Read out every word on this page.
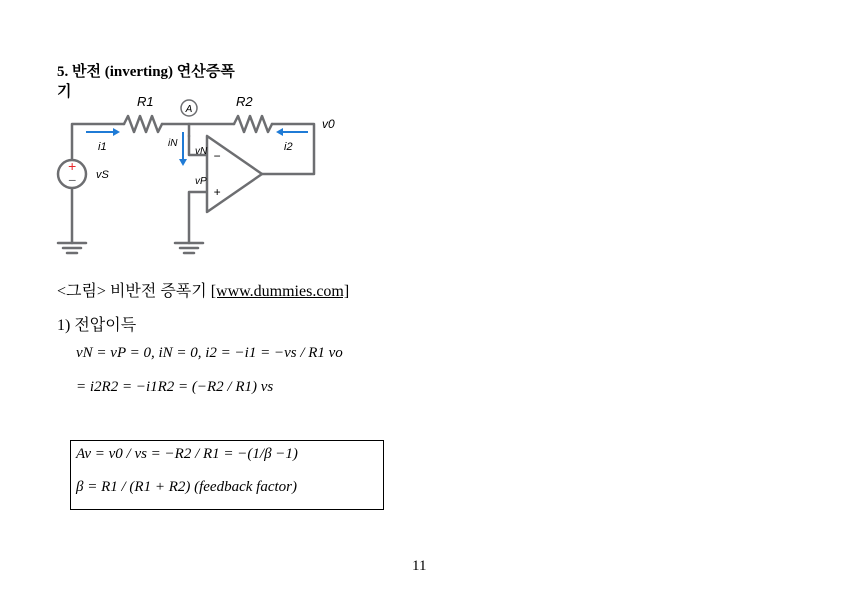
5. 반전 (inverting) 연산증폭
기
A
+
−
−
+
R1	R2
v0
i1	i2
iN
vN
vP
vS
<그림> 비반전 증폭기 [www.dummies.com]
1) 전압이득
vN = vP = 0, iN = 0, i2 = −i1 = −vs / R1 vo
= i2R2 = −i1R2 = (−R2 / R1) vs
Av = v0 / vs = −R2 / R1 = −(1/β −1)
β = R1 / (R1 + R2) (feedback factor)
11
